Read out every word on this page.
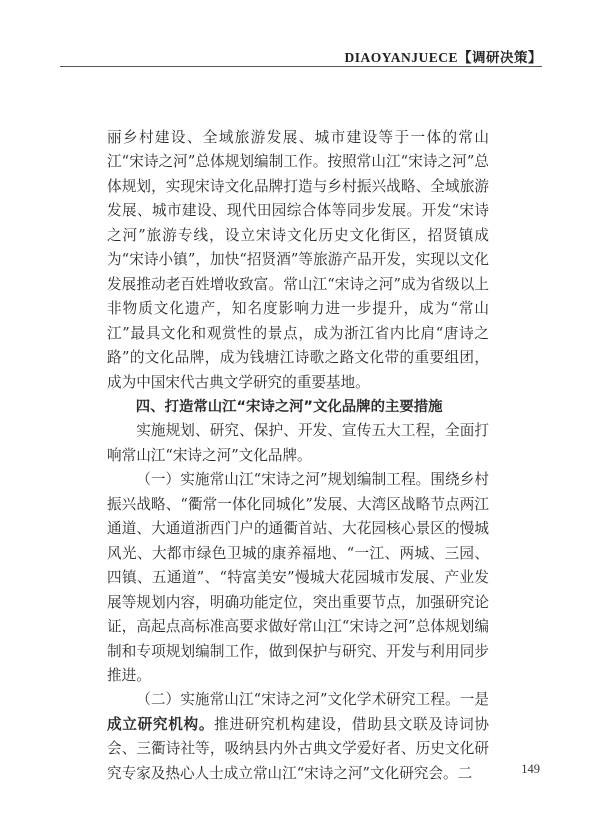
DIAOYANJUECE【调研决策】

丽乡村建设、全域旅游发展、城市建设等于一体的常山江“宋诗之河”总体规划编制工作。按照常山江“宋诗之河”总体规划，实现宋诗文化品牌打造与乡村振兴战略、全域旅游发展、城市建设、现代田园综合体等同步发展。开发“宋诗之河”旅游专线，设立宋诗文化历史文化街区，招贤镇成为“宋诗小镇”，加快“招贤酒”等旅游产品开发，实现以文化发展推动老百姓增收致富。常山江“宋诗之河”成为省级以上非物质文化遗产，知名度影响力进一步提升，成为“常山江”最具文化和观赏性的景点，成为浙江省内比肩“唐诗之路”的文化品牌，成为钱塘江诗歌之路文化带的重要组团，成为中国宋代古典文学研究的重要基地。

四、打造常山江“宋诗之河”文化品牌的主要措施

实施规划、研究、保护、开发、宣传五大工程，全面打响常山江“宋诗之河”文化品牌。

（一）实施常山江“宋诗之河”规划编制工程。围绕乡村振兴战略、“衢常一体化同城化”发展、大湾区战略节点两江通道、大通道浙西门户的通衢首站、大花园核心景区的慢城风光、大都市绿色卫城的康养福地、“一江、两城、三园、四镇、五通道”、“特富美安”慢城大花园城市发展、产业发展等规划内容，明确功能定位，突出重要节点，加强研究论证，高起点高标准高要求做好常山江“宋诗之河”总体规划编制和专项规划编制工作，做到保护与研究、开发与利用同步推进。

（二）实施常山江“宋诗之河”文化学术研究工程。一是成立研究机构。推进研究机构建设，借助县文联及诗词协会、三衢诗社等，吸纳县内外古典文学爱好者、历史文化研究专家及热心人士成立常山江“宋诗之河”文化研究会。二	149
